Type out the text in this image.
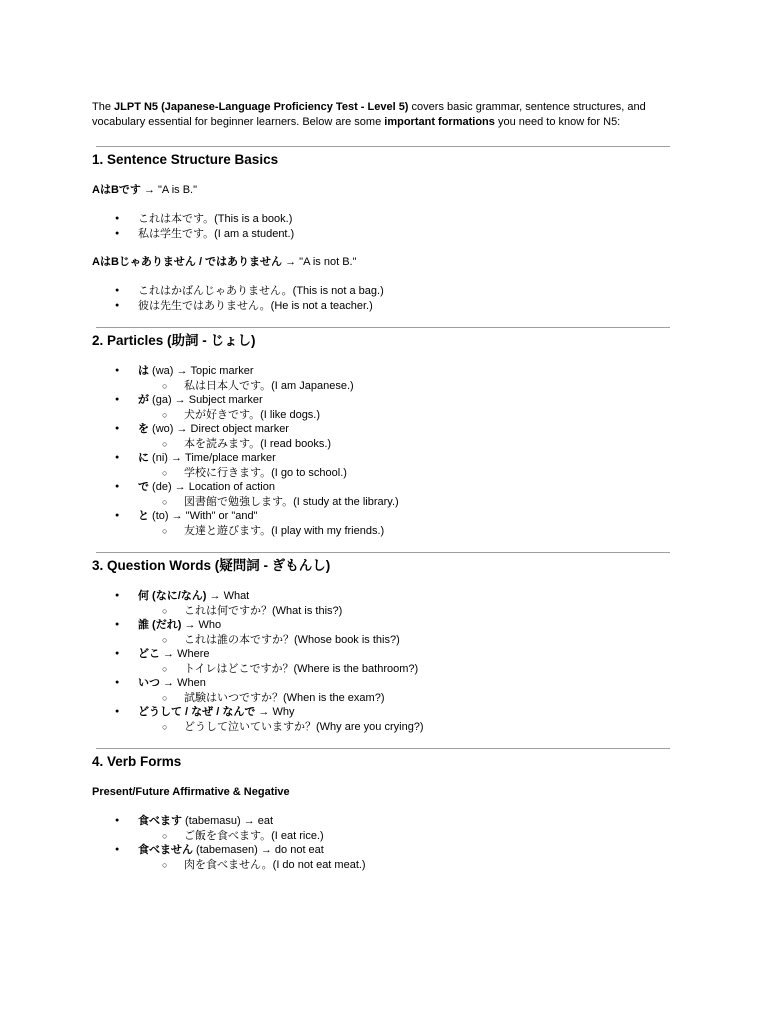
The JLPT N5 (Japanese-Language Proficiency Test - Level 5) covers basic grammar, sentence structures, and vocabulary essential for beginner learners. Below are some important formations you need to know for N5:

1. Sentence Structure Basics

AはBです → "A is B."

● これは本です。(This is a book.)
● 私は学生です。(I am a student.)

AはBじゃありません / ではありません → "A is not B."

● これはかばんじゃありません。(This is not a bag.)
● 彼は先生ではありません。(He is not a teacher.)
2. Particles (助詞 - じょし)
● は (wa) → Topic marker
○ 私は日本人です。(I am Japanese.)
● が (ga) → Subject marker
○ 犬が好きです。(I like dogs.)
● を (wo) → Direct object marker
○ 本を読みます。(I read books.)
● に (ni) → Time/place marker
○ 学校に行きます。(I go to school.)
● で (de) → Location of action
○ 図書館で勉強します。(I study at the library.)
● と (to) → "With" or "and"
○ 友達と遊びます。(I play with my friends.)
3. Question Words (疑問詞 - ぎもんし)
● 何 (なに/なん) → What
○ これは何ですか？(What is this?)
● 誰 (だれ) → Who
○ これは誰の本ですか？(Whose book is this?)
● どこ → Where
○ トイレはどこですか？(Where is the bathroom?)
● いつ → When
○ 試験はいつですか？(When is the exam?)
● どうして / なぜ / なんで → Why
○ どうして泣いていますか？(Why are you crying?)
4. Verb Forms

Present/Future Affirmative & Negative

● 食べます (tabemasu) → eat
○ ご飯を食べます。(I eat rice.)
● 食べません (tabemasen) → do not eat
○ 肉を食べません。(I do not eat meat.)
